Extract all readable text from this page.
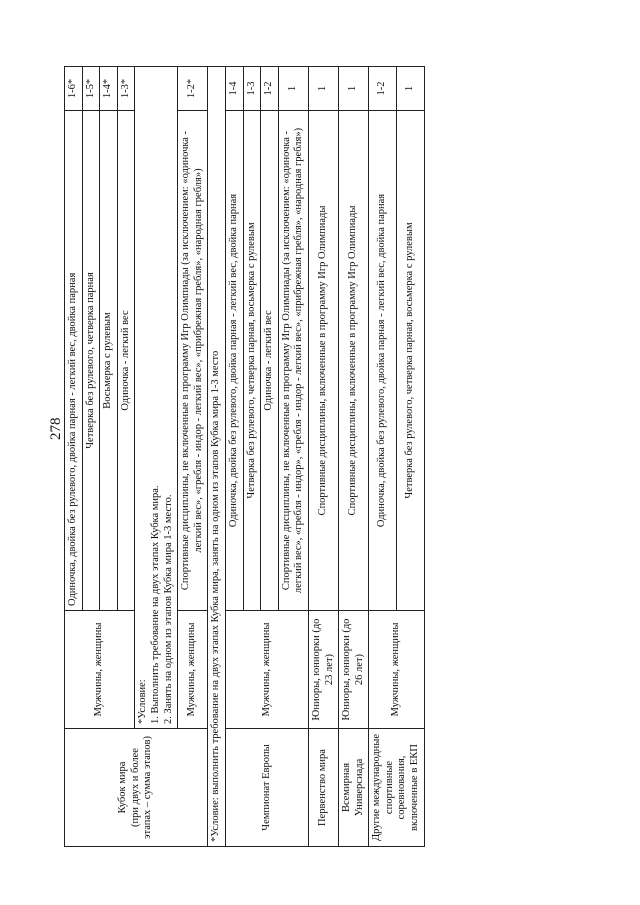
278
Кубок мира
(при двух и более этапах – сумма этапов)	Мужчины, женщины	Одиночка, двойка без рулевого, двойка парная - легкий вес, двойка парная	1-6*
		Четверка без рулевого, четверка парная	1-5*
		Восьмерка с рулевым	1-4*
		Одиночка - легкий вес	1-3*
	*Условие:
1. Выполнить требование на двух этапах Кубка мира.
2. Занять на одном из этапов Кубка мира 1-3 место.		
	Мужчины, женщины	Спортивные дисциплины, не включенные в программу Игр Олимпиады (за исключением: «одиночка - легкий вес», «гребля - индор - легкий вес», «прибрежная гребля», «народная гребля»)	1-2*
*Условие: выполнить требование на двух этапах Кубка мира, занять на одном из этапов Кубка мира 1-3 место			
Чемпионат Европы	Мужчины, женщины	Одиночка, двойка без рулевого, двойка парная - легкий вес, двойка парная	1-4
		Четверка без рулевого, четверка парная, восьмерка с рулевым	1-3
		Одиночка - легкий вес	1-2
		Спортивные дисциплины, не включенные в программу Игр Олимпиады (за исключением: «одиночка - легкий вес», «гребля - индор», «гребля - индор - легкий вес», «прибрежная гребля», «народная гребля»)	1
Первенство мира	Юниоры, юниорки (до 23 лет)	Спортивные дисциплины, включенные в программу Игр Олимпиады	1
Всемирная Универсиада	Юниоры, юниорки (до 26 лет)	Спортивные дисциплины, включенные в программу Игр Олимпиады	1
Другие международные спортивные соревнования, включенные в ЕКП	Мужчины, женщины	Одиночка, двойка без рулевого, двойка парная - легкий вес, двойка парная	1-2
		Четверка без рулевого, четверка парная, восьмерка с рулевым	1
